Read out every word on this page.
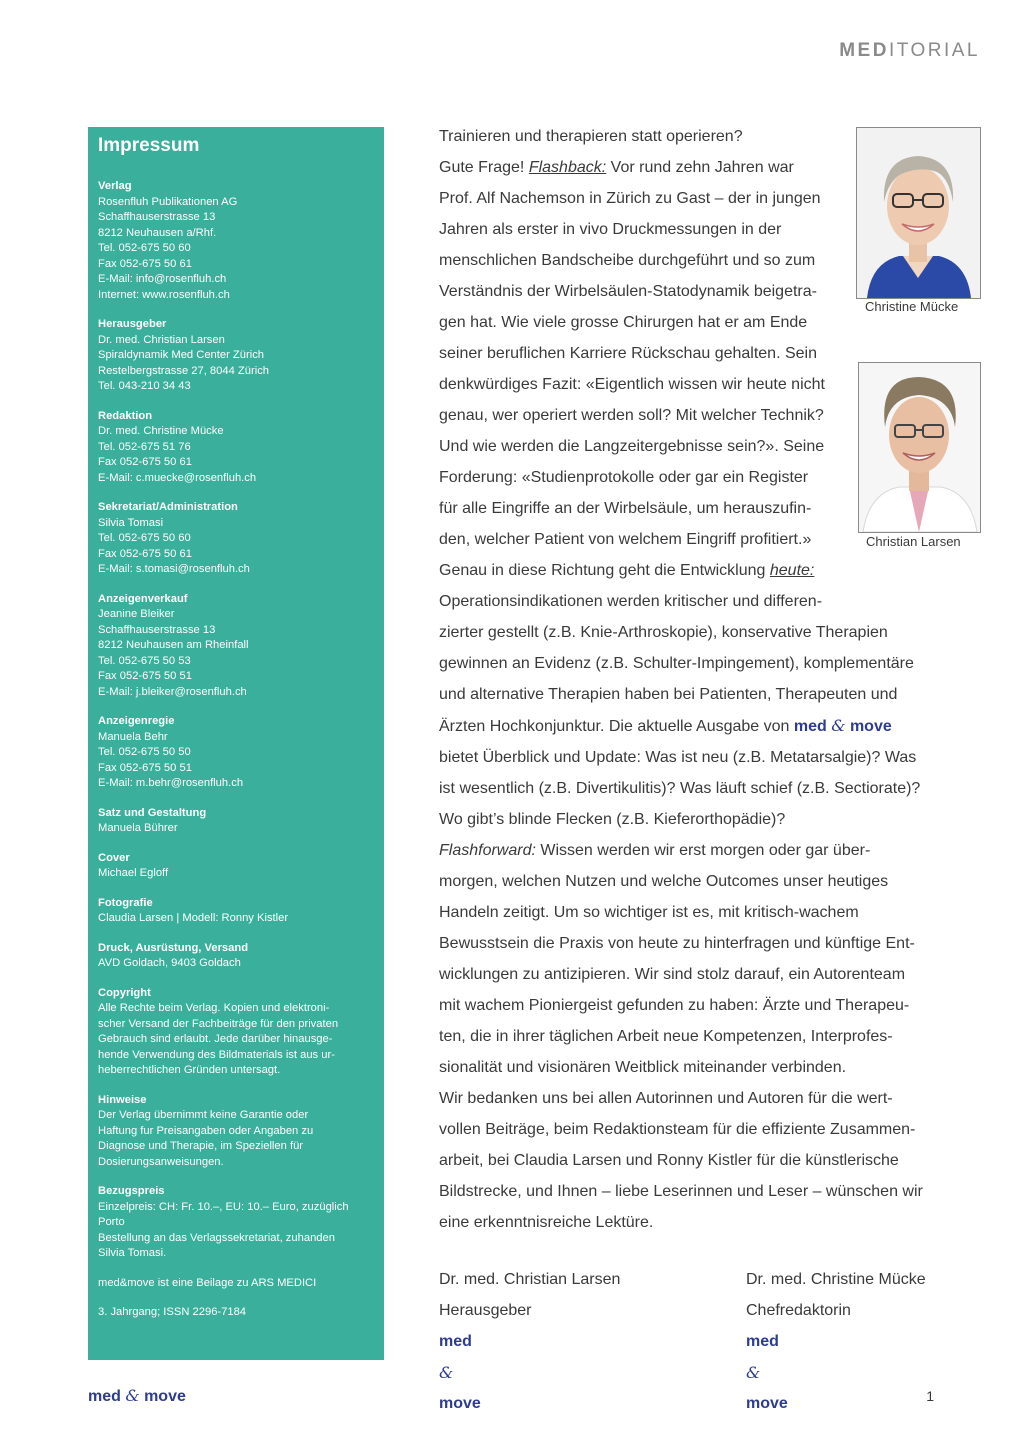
MEDITORIAL
Impressum
Verlag
Rosenfluh Publikationen AG
Schaffhauserstrasse 13
8212 Neuhausen a/Rhf.
Tel. 052-675 50 60
Fax 052-675 50 61
E-Mail: info@rosenfluh.ch
Internet: www.rosenfluh.ch
Herausgeber
Dr. med. Christian Larsen
Spiraldynamik Med Center Zürich
Restelbergstrasse 27, 8044 Zürich
Tel. 043-210 34 43
Redaktion
Dr. med. Christine Mücke
Tel. 052-675 51 76
Fax 052-675 50 61
E-Mail: c.muecke@rosenfluh.ch
Sekretariat/Administration
Silvia Tomasi
Tel. 052-675 50 60
Fax 052-675 50 61
E-Mail: s.tomasi@rosenfluh.ch
Anzeigenverkauf
Jeanine Bleiker
Schaffhauserstrasse 13
8212 Neuhausen am Rheinfall
Tel. 052-675 50 53
Fax 052-675 50 51
E-Mail: j.bleiker@rosenfluh.ch
Anzeigenregie
Manuela Behr
Tel. 052-675 50 50
Fax 052-675 50 51
E-Mail: m.behr@rosenfluh.ch
Satz und Gestaltung
Manuela Bührer
Cover
Michael Egloff
Fotografie
Claudia Larsen | Modell: Ronny Kistler
Druck, Ausrüstung, Versand
AVD Goldach, 9403 Goldach
Copyright
Alle Rechte beim Verlag. Kopien und elektroni-
scher Versand der Fachbeiträge für den privaten
Gebrauch sind erlaubt. Jede darüber hinausge-
hende Verwendung des Bildmaterials ist aus ur-
heberrechtlichen Gründen untersagt.
Hinweise
Der Verlag übernimmt keine Garantie oder
Haftung fur Preisangaben oder Angaben zu
Diagnose und Therapie, im Speziellen für
Dosierungsanweisungen.
Bezugspreis
Einzelpreis: CH: Fr. 10.–, EU: 10.– Euro, zuzüglich
Porto
Bestellung an das Verlagssekretariat, zuhanden
Silvia Tomasi.
med&move ist eine Beilage zu ARS MEDICI
3. Jahrgang; ISSN 2296-7184
Trainieren und therapieren statt operieren?
Gute Frage! Flashback: Vor rund zehn Jahren war
Prof. Alf Nachemson in Zürich zu Gast – der in jungen
Jahren als erster in vivo Druckmessungen in der
menschlichen Bandscheibe durchgeführt und so zum
Verständnis der Wirbelsäulen-Statodynamik beigetra-
gen hat. Wie viele grosse Chirurgen hat er am Ende
seiner beruflichen Karriere Rückschau gehalten. Sein
denkwürdiges Fazit: «Eigentlich wissen wir heute nicht
genau, wer operiert werden soll? Mit welcher Technik?
Und wie werden die Langzeitergebnisse sein?». Seine
Forderung: «Studienprotokolle oder gar ein Register
für alle Eingriffe an der Wirbelsäule, um herauszufin-
den, welcher Patient von welchem Eingriff profitiert.»
Genau in diese Richtung geht die Entwicklung heute:
Operationsindikationen werden kritischer und differen-
zierter gestellt (z.B. Knie-Arthroskopie), konservative Therapien
gewinnen an Evidenz (z.B. Schulter-Impingement), komplementäre
und alternative Therapien haben bei Patienten, Therapeuten und
Ärzten Hochkonjunktur. Die aktuelle Ausgabe von med & move
bietet Überblick und Update: Was ist neu (z.B. Metatarsalgie)? Was
ist wesentlich (z.B. Divertikulitis)? Was läuft schief (z.B. Sectiorate)?
Wo gibt’s blinde Flecken (z.B. Kieferorthopädie)?
Flashforward: Wissen werden wir erst morgen oder gar über-
morgen, welchen Nutzen und welche Outcomes unser heutiges
Handeln zeitigt. Um so wichtiger ist es, mit kritisch-wachem
Bewusstsein die Praxis von heute zu hinterfragen und künftige Ent-
wicklungen zu antizipieren. Wir sind stolz darauf, ein Autorenteam
mit wachem Pioniergeist gefunden zu haben: Ärzte und Therapeu-
ten, die in ihrer täglichen Arbeit neue Kompetenzen, Interprofes-
sionalität und visionären Weitblick miteinander verbinden.
Wir bedanken uns bei allen Autorinnen und Autoren für die wert-
vollen Beiträge, beim Redaktionsteam für die effiziente Zusammen-
arbeit, bei Claudia Larsen und Ronny Kistler für die künstlerische
Bildstrecke, und Ihnen – liebe Leserinnen und Leser – wünschen wir
eine erkenntnisreiche Lektüre.
Christine Mücke
Christian Larsen
Dr. med. Christian Larsen
Herausgeber
med
&
move
Dr. med. Christine Mücke
Chefredaktorin
med
&
move
med & move	1
